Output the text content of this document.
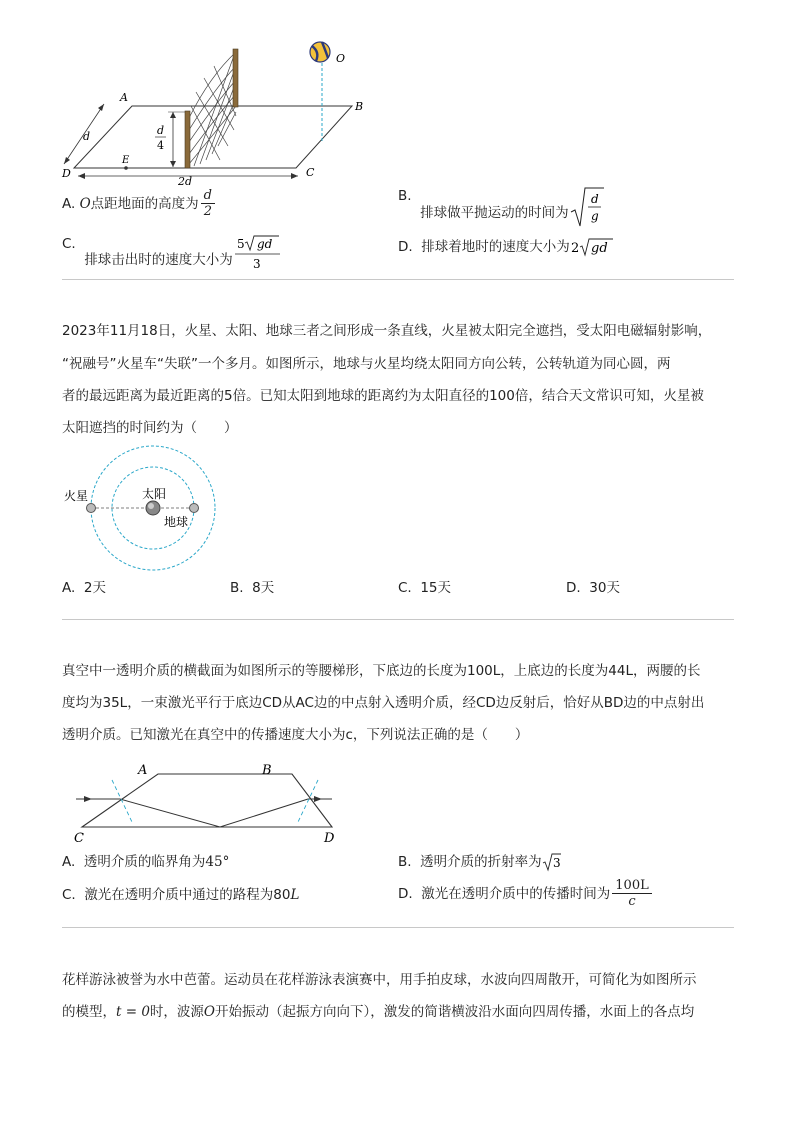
d
4
A
B
C
D
E
O
d
2d
A.
O 点距地面的高度为 $\frac{d}{2}$	B.

排球做平抛运动的时间为
d
g
C.

排球击出时的速度大小为
5 gd
3
D.
排球着地时的速度大小为 2 gd
2023年11月18日，火星、太阳、地球三者之间形成一条直线，火星被太阳完全遮挡，受太阳电磁辐射影响，
“祝融号”火星车“失联”一个多月。如图所示，地球与火星均绕太阳同方向公转，公转轨道为同心圆，两
者的最远距离为最近距离的5倍。已知太阳到地球的距离约为太阳直径的100倍，结合天文常识可知，火星被
太阳遮挡的时间约为（　　）
火星	太阳
地球
A. 2天	B. 8天	C. 15天	D. 30天
真空中一透明介质的横截面为如图所示的等腰梯形，下底边的长度为100L，上底边的长度为44L，两腰的长
度均为35L，一束激光平行于底边CD从AC边的中点射入透明介质，经CD边反射后，恰好从BD边的中点射出
透明介质。已知激光在真空中的传播速度大小为c，下列说法正确的是（　　）
A	B
C	D
A. 透明介质的临界角为45°	B.
透明介质的折射率为 3
C. 激光在透明介质中通过的路程为80L	D.
激光在透明介质中的传播时间为 $\frac{100L}{c}$
花样游泳被誉为水中芭蕾。运动员在花样游泳表演赛中，用手拍皮球，水波向四周散开，可简化为如图所示
的模型，t = 0时，波源O开始振动（起振方向向下），激发的简谐横波沿水面向四周传播，水面上的各点均
